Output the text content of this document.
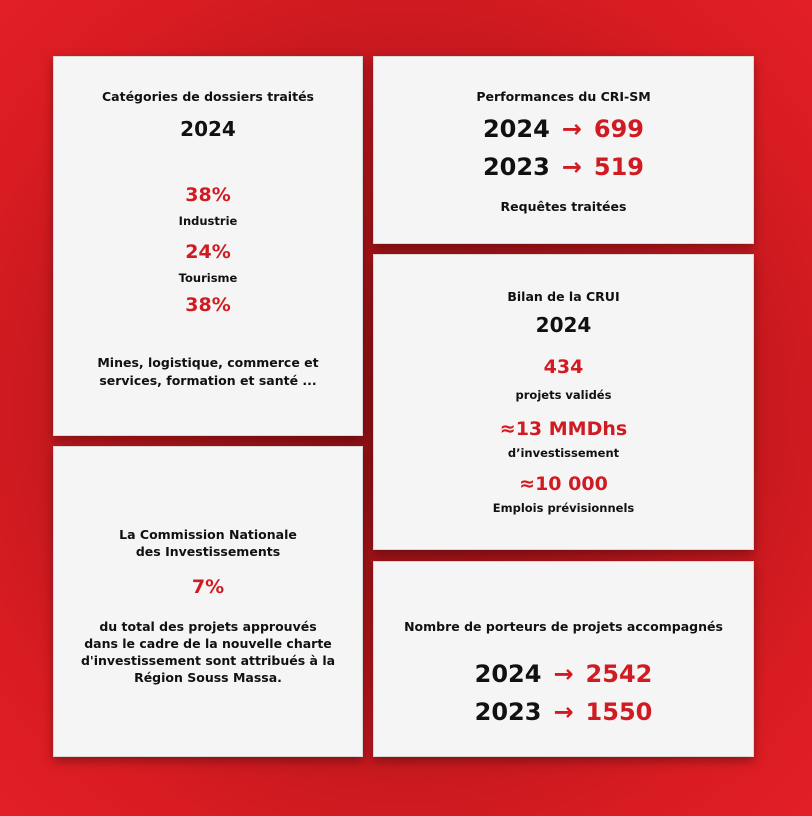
Catégories de dossiers traités
2024
38%
Industrie
24%
Tourisme
38%
Mines, logistique, commerce et
services, formation et santé ...
Performances du CRI-SM
2024 → 699
2023 → 519
Requêtes traitées
Bilan de la CRUI
2024
434
projets validés
≈13 MMDhs
d’investissement
≈10 000
Emplois prévisionnels
La Commission Nationale
des Investissements
7%
du total des projets approuvés
dans le cadre de la nouvelle charte
d'investissement sont attribués à la
Région Souss Massa.
Nombre de porteurs de projets accompagnés
2024 → 2542
2023 → 1550
